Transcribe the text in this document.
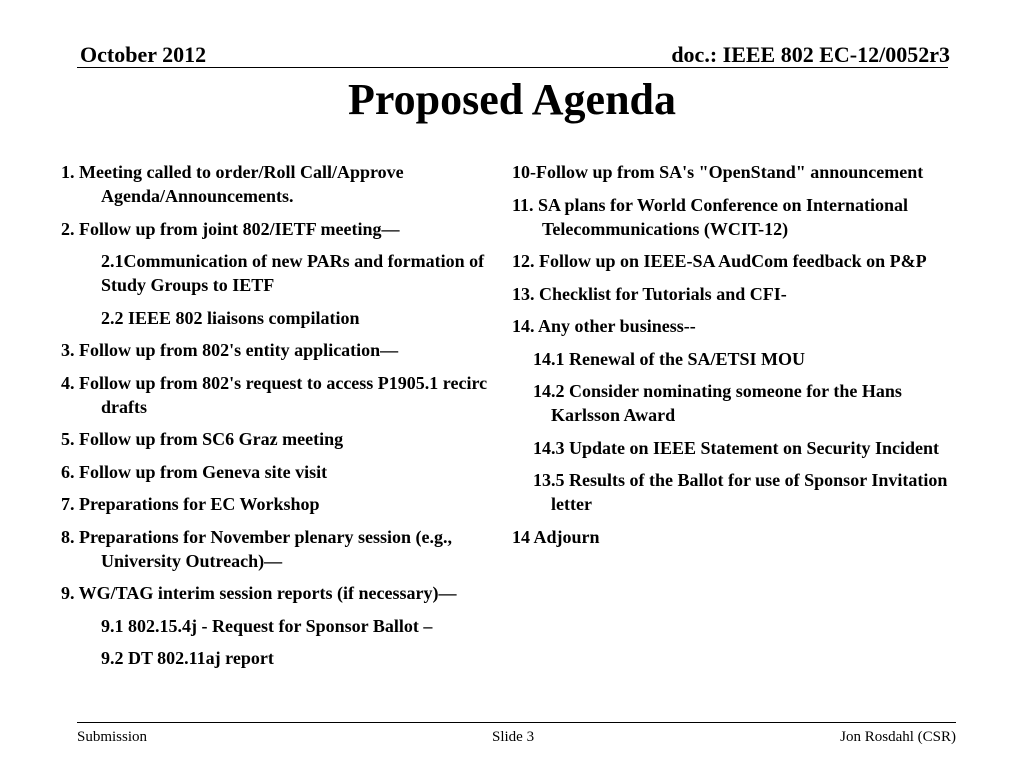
October 2012	doc.: IEEE 802 EC-12/0052r3
Proposed Agenda
1. Meeting called to order/Roll Call/Approve Agenda/Announcements.
2. Follow up from joint 802/IETF meeting—
2.1Communication of new PARs and formation of Study Groups to IETF
2.2 IEEE 802 liaisons compilation
3. Follow up from 802's entity application—
4. Follow up from 802's request to access P1905.1 recirc drafts
5. Follow up from SC6 Graz meeting
6. Follow up from Geneva site visit
7. Preparations for EC Workshop
8. Preparations for November plenary session (e.g., University Outreach)—
9. WG/TAG interim session reports (if necessary)—
9.1 802.15.4j - Request for Sponsor Ballot –
9.2 DT 802.11aj report
10-Follow up from SA's "OpenStand" announcement
11. SA plans for World Conference on International Telecommunications (WCIT-12)
12. Follow up on IEEE-SA AudCom feedback on P&P
13. Checklist for Tutorials and CFI-
14. Any other business--
14.1 Renewal of the SA/ETSI MOU
14.2 Consider nominating someone for the Hans Karlsson Award
14.3 Update on IEEE Statement on Security Incident
13.5 Results of the Ballot for use of Sponsor Invitation letter
14 Adjourn
Submission	Slide 3	Jon Rosdahl (CSR)
